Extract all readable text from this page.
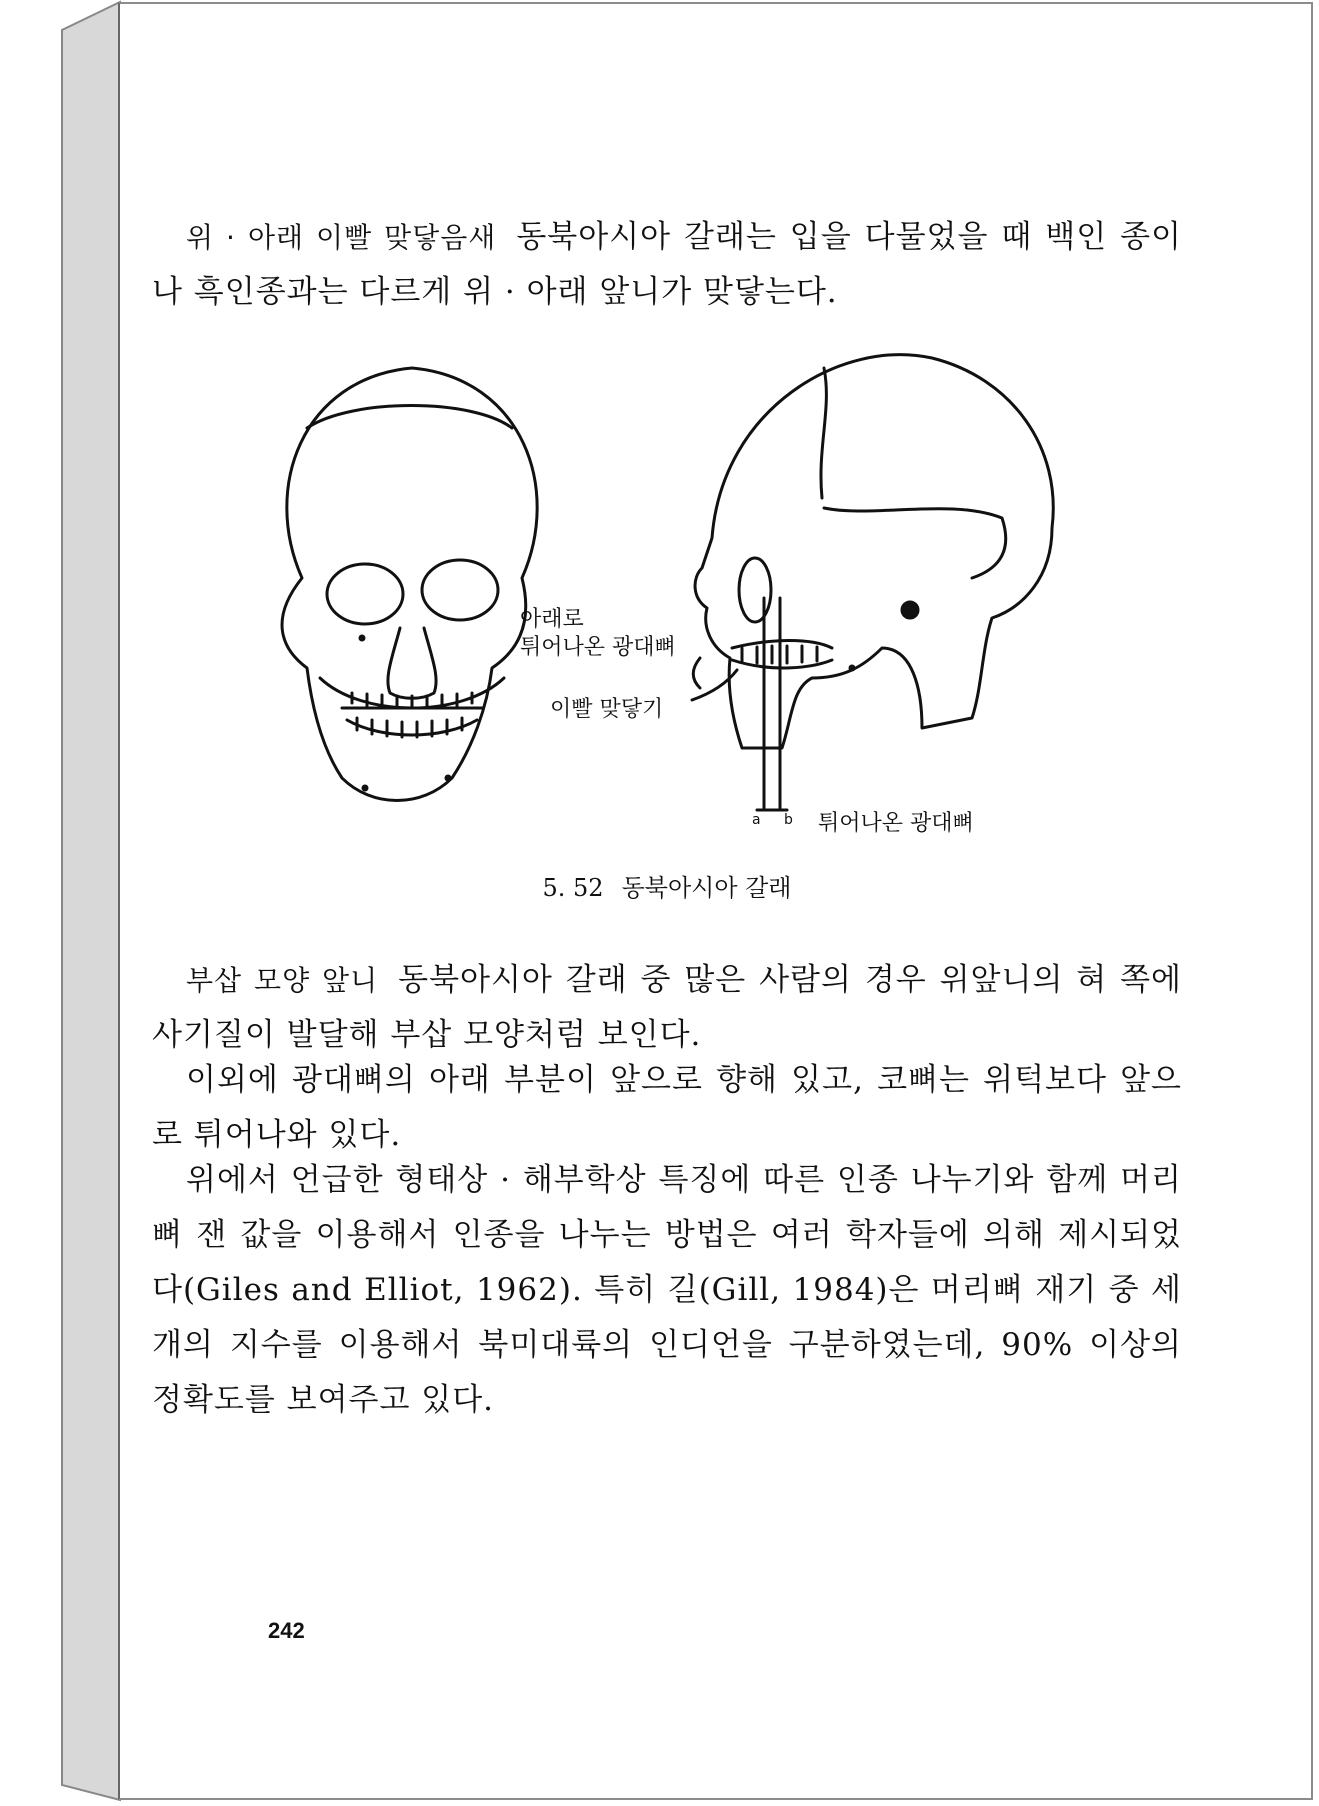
위 · 아래 이빨 맞닿음새 동북아시아 갈래는 입을 다물었을 때 백인 종이나 흑인종과는 다르게 위 · 아래 앞니가 맞닿는다.

아래로
튀어나온 광대뼈
이빨 맞닿기
a b 튀어나온 광대뼈
5. 52 동북아시아 갈래

부삽 모양 앞니 동북아시아 갈래 중 많은 사람의 경우 위앞니의 혀 쪽에 사기질이 발달해 부삽 모양처럼 보인다.

이외에 광대뼈의 아래 부분이 앞으로 향해 있고, 코뼈는 위턱보다 앞으로 튀어나와 있다.

위에서 언급한 형태상 · 해부학상 특징에 따른 인종 나누기와 함께 머리뼈 잰 값을 이용해서 인종을 나누는 방법은 여러 학자들에 의해 제시되었다(Giles and Elliot, 1962). 특히 길(Gill, 1984)은 머리뼈 재기 중 세 개의 지수를 이용해서 북미대륙의 인디언을 구분하였는데, 90% 이상의 정확도를 보여주고 있다.

242
